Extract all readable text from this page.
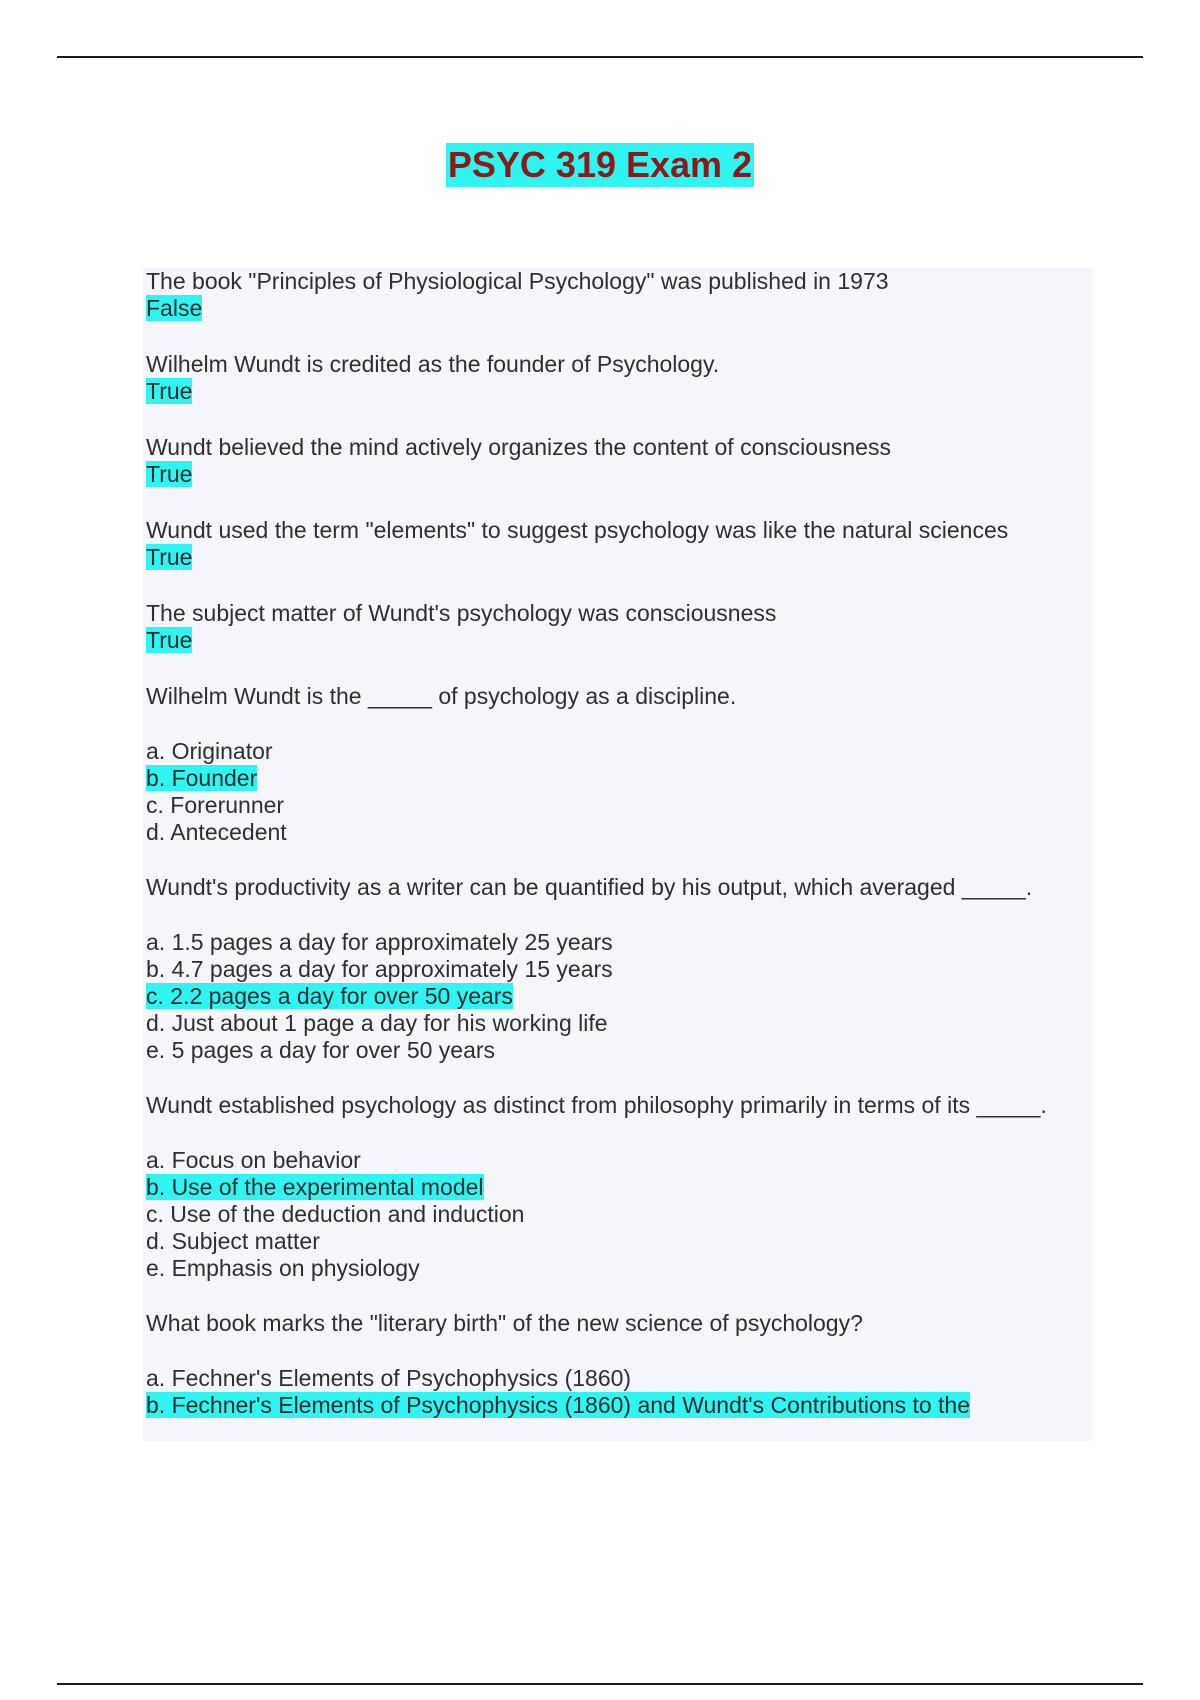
PSYC 319 Exam 2
The book "Principles of Physiological Psychology" was published in 1973
False
Wilhelm Wundt is credited as the founder of Psychology.
True
Wundt believed the mind actively organizes the content of consciousness
True
Wundt used the term "elements" to suggest psychology was like the natural sciences
True
The subject matter of Wundt's psychology was consciousness
True
Wilhelm Wundt is the _____ of psychology as a discipline.
a. Originator
b. Founder
c. Forerunner
d. Antecedent
Wundt's productivity as a writer can be quantified by his output, which averaged _____.
a. 1.5 pages a day for approximately 25 years
b. 4.7 pages a day for approximately 15 years
c. 2.2 pages a day for over 50 years
d. Just about 1 page a day for his working life
e. 5 pages a day for over 50 years
Wundt established psychology as distinct from philosophy primarily in terms of its _____.
a. Focus on behavior
b. Use of the experimental model
c. Use of the deduction and induction
d. Subject matter
e. Emphasis on physiology
What book marks the "literary birth" of the new science of psychology?
a. Fechner's Elements of Psychophysics (1860)
b. Fechner's Elements of Psychophysics (1860) and Wundt's Contributions to the
